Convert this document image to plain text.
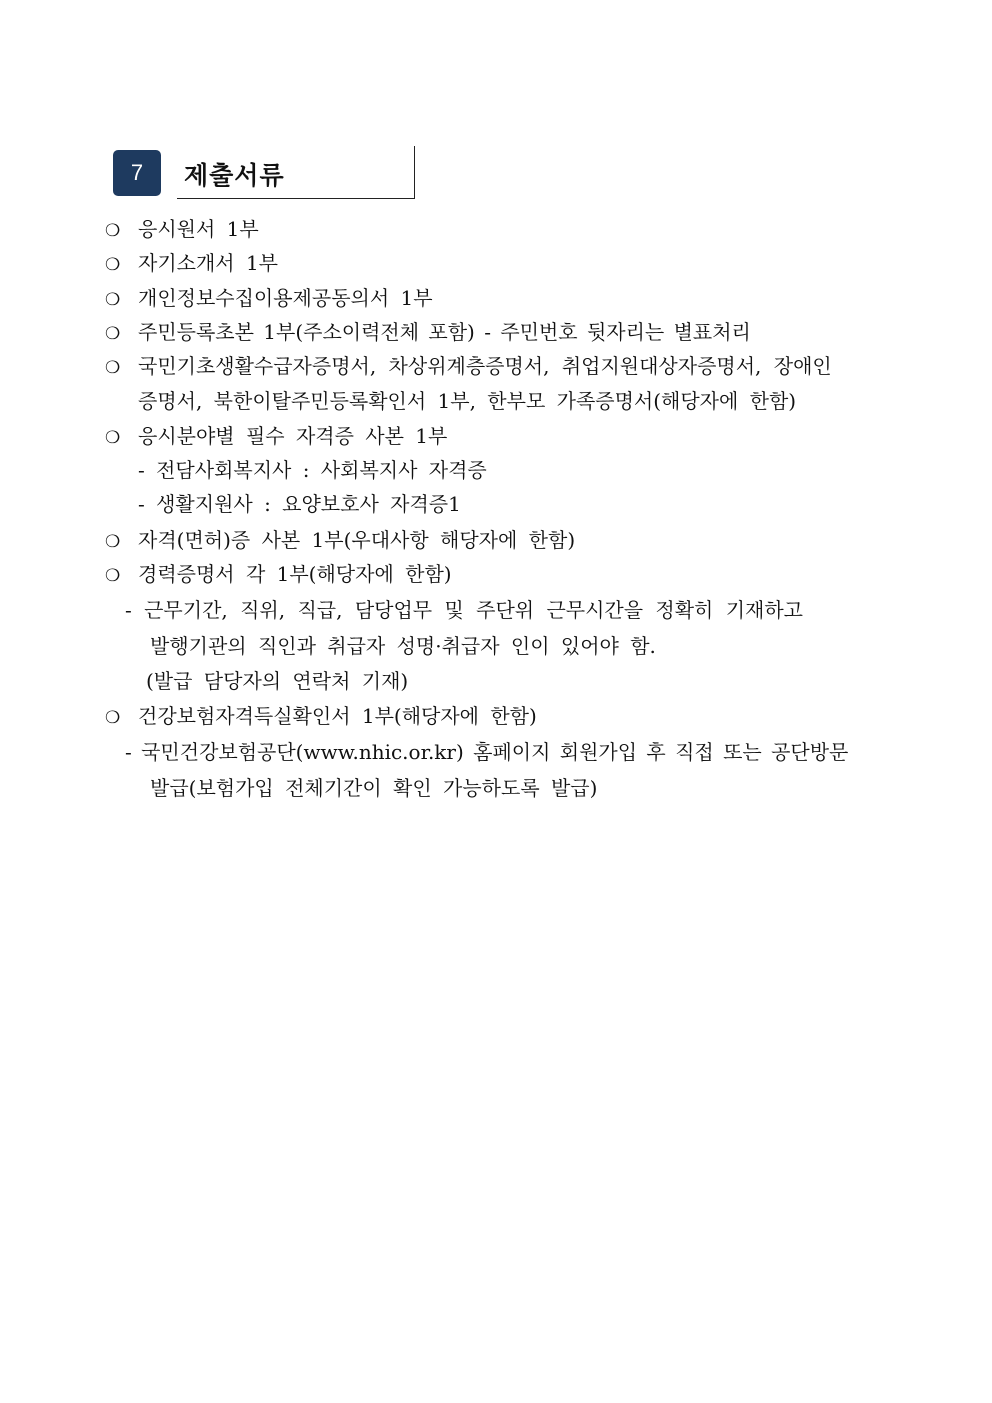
7	제출서류
❍ 응시원서 1부
❍ 자기소개서 1부
❍ 개인정보수집이용제공동의서 1부
❍ 주민등록초본 1부(주소이력전체 포함) - 주민번호 뒷자리는 별표처리
❍ 국민기초생활수급자증명서, 차상위계층증명서, 취업지원대상자증명서, 장애인
증명서, 북한이탈주민등록확인서 1부, 한부모 가족증명서(해당자에 한함)
❍ 응시분야별 필수 자격증 사본 1부
- 전담사회복지사 : 사회복지사 자격증
- 생활지원사 : 요양보호사 자격증1
❍ 자격(면허)증 사본 1부(우대사항 해당자에 한함)
❍ 경력증명서 각 1부(해당자에 한함)
- 근무기간, 직위, 직급, 담당업무 및 주단위 근무시간을 정확히 기재하고
발행기관의 직인과 취급자 성명·취급자 인이 있어야 함.
(발급 담당자의 연락처 기재)
❍ 건강보험자격득실확인서 1부(해당자에 한함)
- 국민건강보험공단(www.nhic.or.kr) 홈페이지 회원가입 후 직접 또는 공단방문
발급(보험가입 전체기간이 확인 가능하도록 발급)
